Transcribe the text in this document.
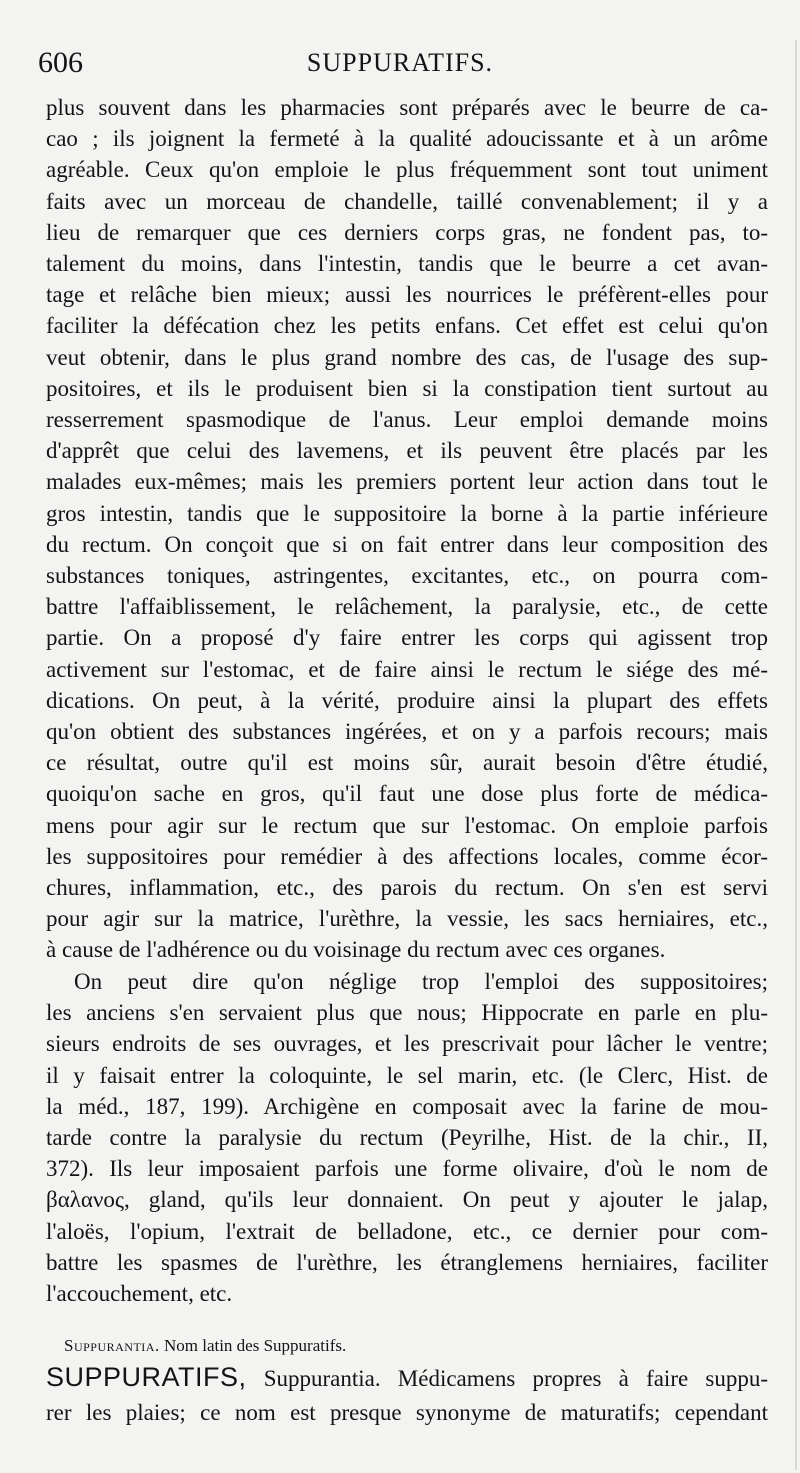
606	SUPPURATIFS.

plus souvent dans les pharmacies sont préparés avec le beurre de ca-
cao ; ils joignent la fermeté à la qualité adoucissante et à un arôme
agréable. Ceux qu'on emploie le plus fréquemment sont tout uniment
faits avec un morceau de chandelle, taillé convenablement; il y a
lieu de remarquer que ces derniers corps gras, ne fondent pas, to-
talement du moins, dans l'intestin, tandis que le beurre a cet avan-
tage et relâche bien mieux; aussi les nourrices le préfèrent-elles pour
faciliter la défécation chez les petits enfans. Cet effet est celui qu'on
veut obtenir, dans le plus grand nombre des cas, de l'usage des sup-
positoires, et ils le produisent bien si la constipation tient surtout au
resserrement spasmodique de l'anus. Leur emploi demande moins
d'apprêt que celui des lavemens, et ils peuvent être placés par les
malades eux-mêmes; mais les premiers portent leur action dans tout le
gros intestin, tandis que le suppositoire la borne à la partie inférieure
du rectum. On conçoit que si on fait entrer dans leur composition des
substances toniques, astringentes, excitantes, etc., on pourra com-
battre l'affaiblissement, le relâchement, la paralysie, etc., de cette
partie. On a proposé d'y faire entrer les corps qui agissent trop
activement sur l'estomac, et de faire ainsi le rectum le siége des mé-
dications. On peut, à la vérité, produire ainsi la plupart des effets
qu'on obtient des substances ingérées, et on y a parfois recours; mais
ce résultat, outre qu'il est moins sûr, aurait besoin d'être étudié,
quoiqu'on sache en gros, qu'il faut une dose plus forte de médica-
mens pour agir sur le rectum que sur l'estomac. On emploie parfois
les suppositoires pour remédier à des affections locales, comme écor-
chures, inflammation, etc., des parois du rectum. On s'en est servi
pour agir sur la matrice, l'urèthre, la vessie, les sacs herniaires, etc.,
à cause de l'adhérence ou du voisinage du rectum avec ces organes.

On peut dire qu'on néglige trop l'emploi des suppositoires;
les anciens s'en servaient plus que nous; Hippocrate en parle en plu-
sieurs endroits de ses ouvrages, et les prescrivait pour lâcher le ventre;
il y faisait entrer la coloquinte, le sel marin, etc. (le Clerc, Hist. de
la méd., 187, 199). Archigène en composait avec la farine de mou-
tarde contre la paralysie du rectum (Peyrilhe, Hist. de la chir., II,
372). Ils leur imposaient parfois une forme olivaire, d'où le nom de
βαλανος, gland, qu'ils leur donnaient. On peut y ajouter le jalap,
l'aloës, l'opium, l'extrait de belladone, etc., ce dernier pour com-
battre les spasmes de l'urèthre, les étranglemens herniaires, faciliter
l'accouchement, etc.

Suppurantia. Nom latin des Suppuratifs.
SUPPURATIFS, Suppurantia. Médicamens propres à faire suppu-
rer les plaies; ce nom est presque synonyme de maturatifs; cependant
